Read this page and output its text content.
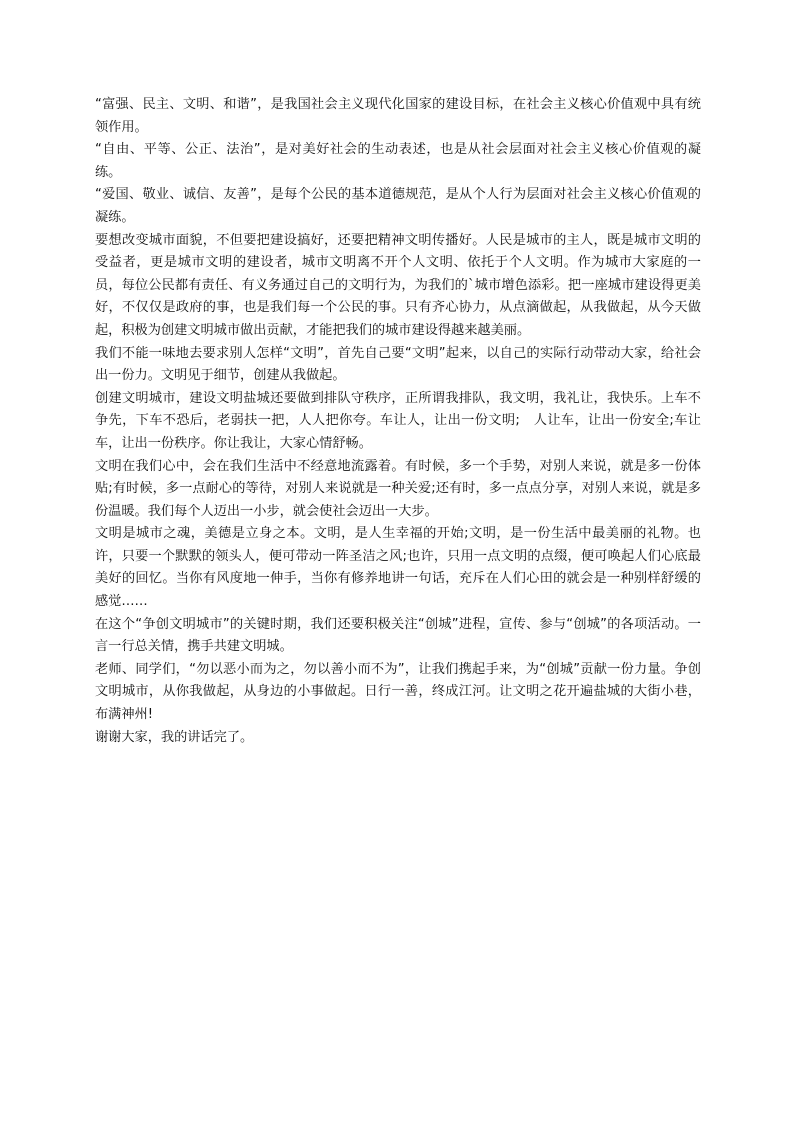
“富强、民主、文明、和谐”，是我国社会主义现代化国家的建设目标，在社会主义核心价值观中具有统领作用。

“自由、平等、公正、法治”，是对美好社会的生动表述，也是从社会层面对社会主义核心价值观的凝练。

“爱国、敬业、诚信、友善”，是每个公民的基本道德规范，是从个人行为层面对社会主义核心价值观的凝练。

要想改变城市面貌，不但要把建设搞好，还要把精神文明传播好。人民是城市的主人，既是城市文明的受益者，更是城市文明的建设者，城市文明离不开个人文明、依托于个人文明。作为城市大家庭的一员，每位公民都有责任、有义务通过自己的文明行为，为我们的`城市增色添彩。把一座城市建设得更美好，不仅仅是政府的事，也是我们每一个公民的事。只有齐心协力，从点滴做起，从我做起，从今天做起，积极为创建文明城市做出贡献，才能把我们的城市建设得越来越美丽。

我们不能一味地去要求别人怎样“文明”，首先自己要“文明”起来，以自己的实际行动带动大家，给社会出一份力。文明见于细节，创建从我做起。

创建文明城市，建设文明盐城还要做到排队守秩序，正所谓我排队，我文明，我礼让，我快乐。上车不争先，下车不恐后，老弱扶一把，人人把你夸。车让人，让出一份文明;　人让车，让出一份安全;车让车，让出一份秩序。你让我让，大家心情舒畅。

文明在我们心中，会在我们生活中不经意地流露着。有时候，多一个手势，对别人来说，就是多一份体贴;有时候，多一点耐心的等待，对别人来说就是一种关爱;还有时，多一点点分享，对别人来说，就是多份温暖。我们每个人迈出一小步，就会使社会迈出一大步。

文明是城市之魂，美德是立身之本。文明，是人生幸福的开始;文明，是一份生活中最美丽的礼物。也许，只要一个默默的领头人，便可带动一阵圣洁之风;也许，只用一点文明的点缀，便可唤起人们心底最美好的回忆。当你有风度地一伸手，当你有修养地讲一句话，充斥在人们心田的就会是一种别样舒缓的感觉……

在这个“争创文明城市”的关键时期，我们还要积极关注“创城”进程，宣传、参与“创城”的各项活动。一言一行总关情，携手共建文明城。

老师、同学们，“勿以恶小而为之，勿以善小而不为”，让我们携起手来，为“创城”贡献一份力量。争创文明城市，从你我做起，从身边的小事做起。日行一善，终成江河。让文明之花开遍盐城的大街小巷，布满神州!

谢谢大家，我的讲话完了。
